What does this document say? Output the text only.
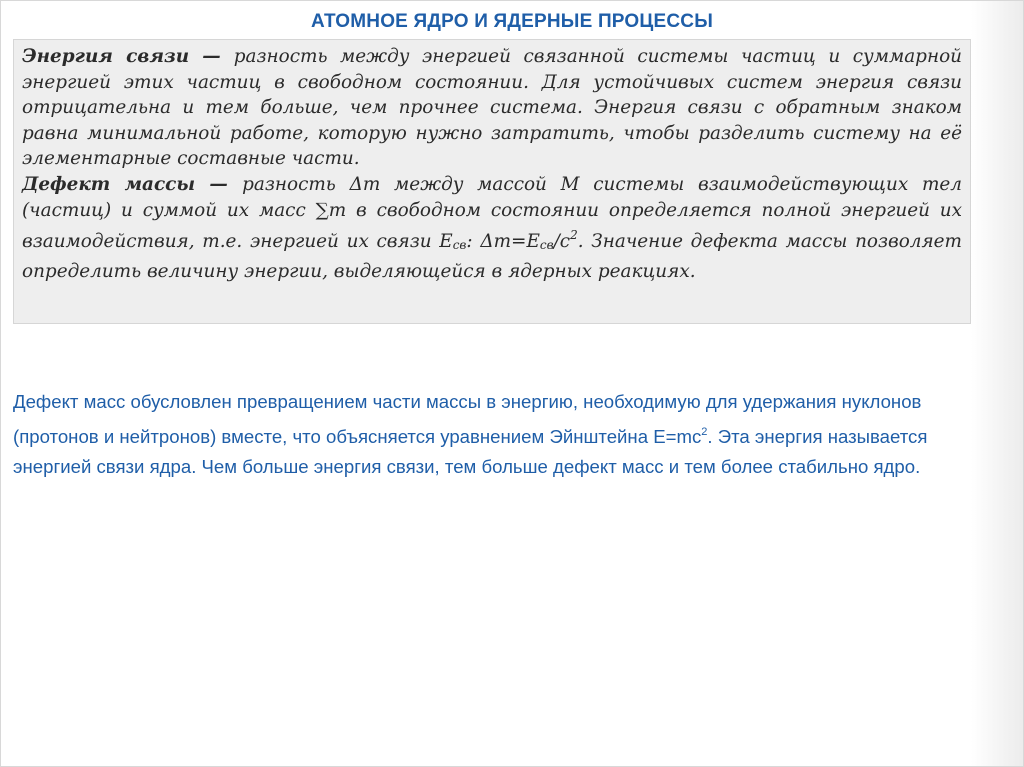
АТОМНОЕ ЯДРО И ЯДЕРНЫЕ ПРОЦЕССЫ

Энергия связи — разность между энергией связанной системы частиц и суммарной энергией этих частиц в свободном состоянии. Для устойчивых систем энергия связи отрицательна и тем больше, чем прочнее система. Энергия связи с обратным знаком равна минимальной работе, которую нужно затратить, чтобы разделить систему на её элементарные составные части.

Дефект массы — разность Δm между массой M системы взаимодействующих тел (частиц) и суммой их масс ∑m в свободном состоянии определяется полной энергией их взаимодействия, т.е. энергией их связи Eсв: $\Delta m=Eсв/c^2$. Значение дефекта массы позволяет определить величину энергии, выделяющейся в ядерных реакциях.

Дефект масс обусловлен превращением части массы в энергию, необходимую для удержания нуклонов (протонов и нейтронов) вместе, что объясняется уравнением Эйнштейна $E=mc^2$. Эта энергия называется энергией связи ядра. Чем больше энергия связи, тем больше дефект масс и тем более стабильно ядро.
